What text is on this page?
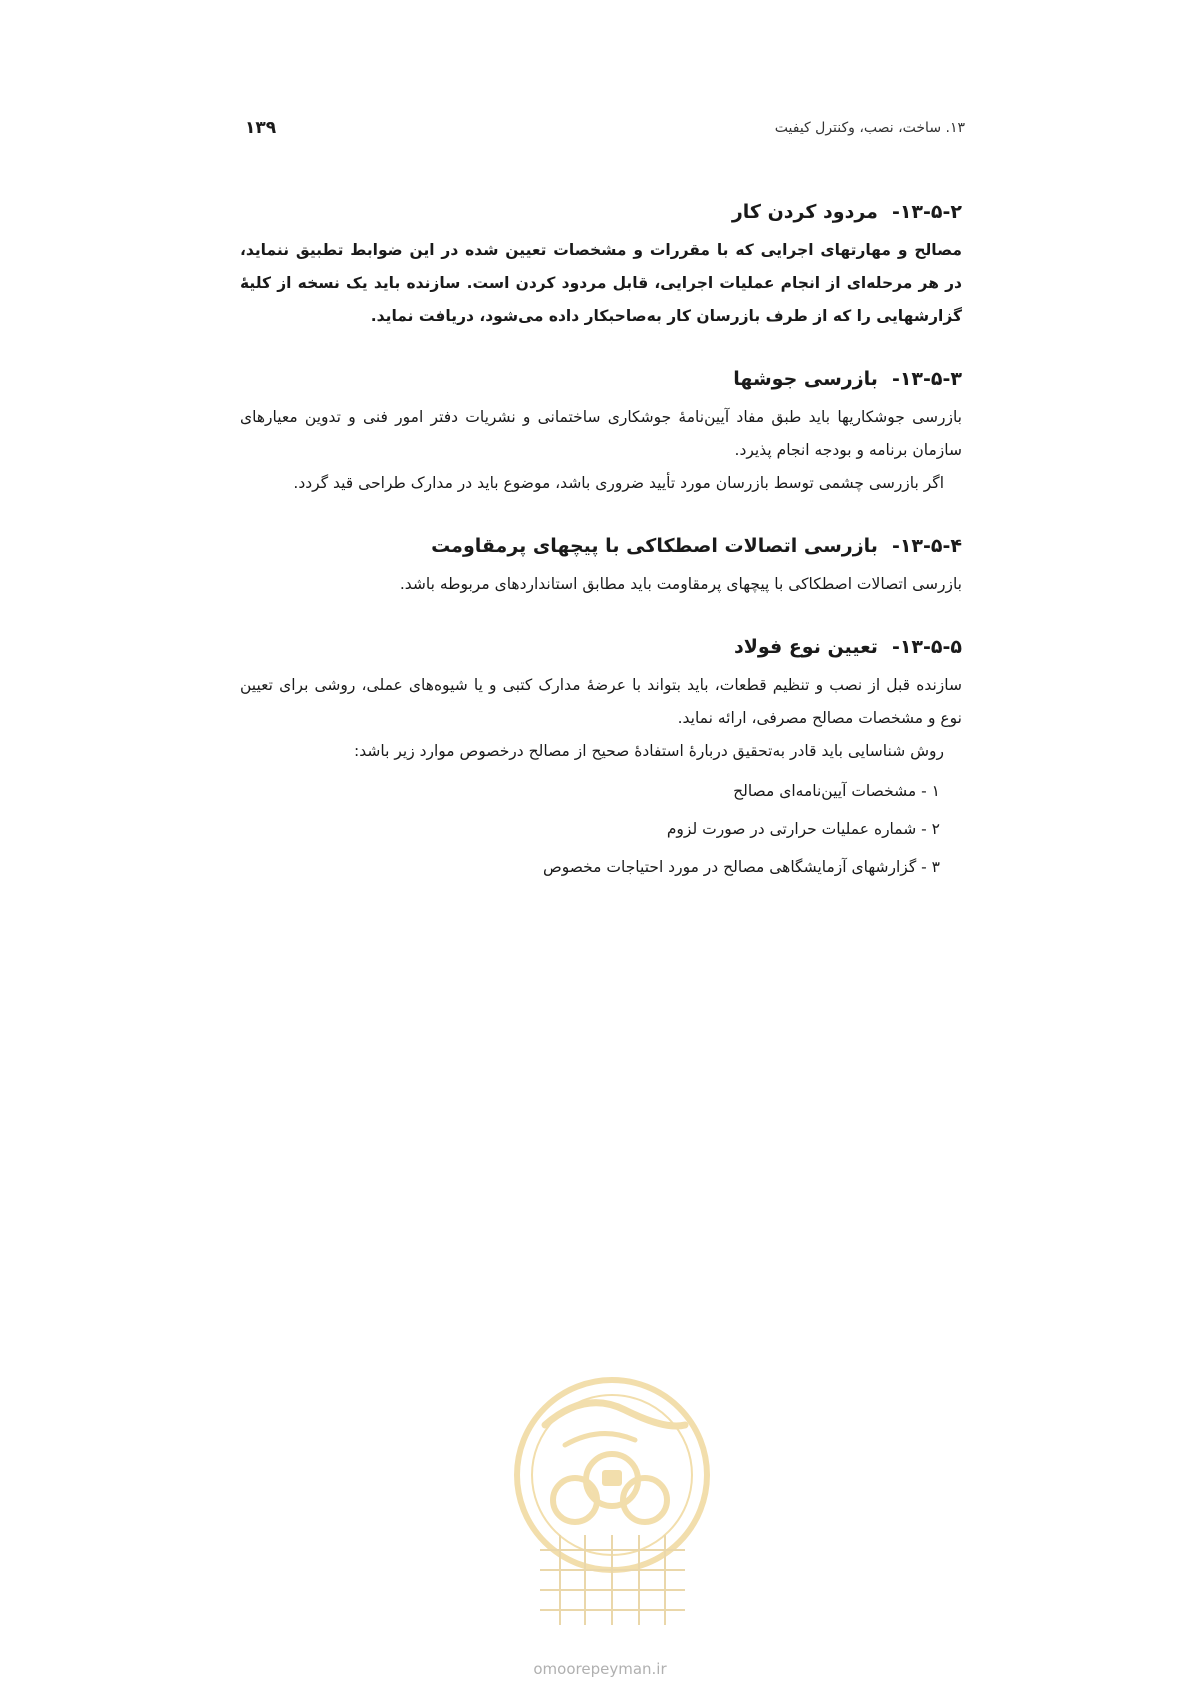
۱۳۹	۱۳. ساخت، نصب، وکنترل کیفیت
۱۳-۵-۲-مردود کردن کار

مصالح و مهارتهای اجرایی که با مقررات و مشخصات تعیین شده در این ضوابط تطبیق ننماید، در هر مرحله‌ای از انجام عملیات اجرایی، قابل مردود کردن است. سازنده باید یک نسخه از کلیهٔ گزارشهایی را که از طرف بازرسان کار به‌صاحبکار داده می‌شود، دریافت نماید.

۱۳-۵-۳-بازرسی جوشها

بازرسی جوشکاریها باید طبق مفاد آیین‌نامهٔ جوشکاری ساختمانی و نشریات دفتر امور فنی و تدوین معیارهای سازمان برنامه و بودجه انجام پذیرد.

اگر بازرسی چشمی توسط بازرسان مورد تأیید ضروری باشد، موضوع باید در مدارک طراحی قید گردد.

۱۳-۵-۴-بازرسی اتصالات اصطکاکی با پیچهای پرمقاومت

بازرسی اتصالات اصطکاکی با پیچهای پرمقاومت باید مطابق استانداردهای مربوطه باشد.

۱۳-۵-۵-تعیین نوع فولاد

سازنده قبل از نصب و تنظیم قطعات، باید بتواند با عرضهٔ مدارک کتبی و یا شیوه‌های عملی، روشی برای تعیین نوع و مشخصات مصالح مصرفی، ارائه نماید.

روش شناسایی باید قادر به‌تحقیق دربارهٔ استفادهٔ صحیح از مصالح درخصوص موارد زیر باشد:

۱ - مشخصات آیین‌نامه‌ای مصالح
۲ - شماره عملیات حرارتی در صورت لزوم
۳ - گزارشهای آزمایشگاهی مصالح در مورد احتیاجات مخصوص
omoorepeyman.ir
